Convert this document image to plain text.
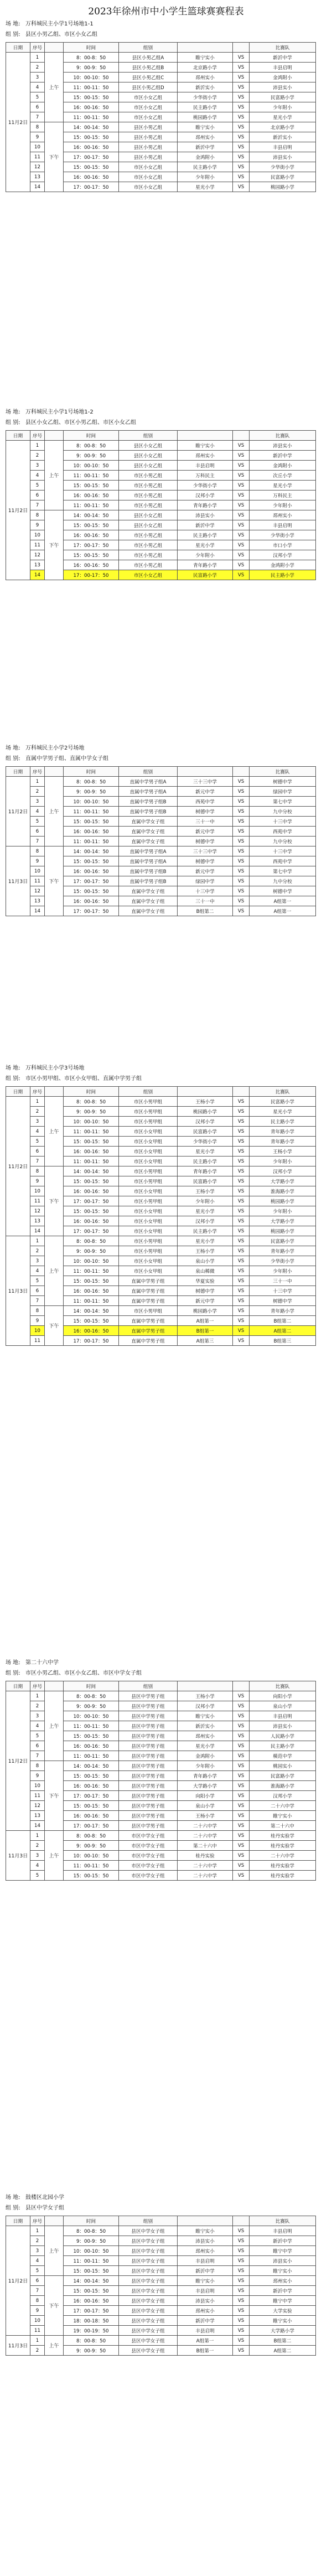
2023年徐州市中小学生篮球赛赛程表
场 地: 万科城民主小学1号场地1-1
组 别: 县区小男乙组、市区小女乙组
日期	序号		时间	组别			比赛队
11月2日	1	上午	8：00-8：50	县区小男乙组A	睢宁实小	VS	新沂中学
	2		9：00-9：50	县区小男乙组B	北京路小学	VS	丰县启明
	3		10：00-10：50	县区小男乙组C	邳州实小	VS	金鸿附小
	4		11：00-11：50	县区小男乙组D	新沂实小	VS	沛县实小
	5		15：00-15：50	市区小女乙组	少华街小学	VS	民富路小学
	6		16：00-16：50	市区小女乙组	民主路小学	VS	少年附小
	7		11：00-11：50	市区小女乙组	桃园路小学	VS	星光小学
	8	下午	14：00-14：50	县区小男乙组	睢宁实小	VS	北京路小学
	9		15：00-15：50	县区小男乙组	邳州实小	VS	新沂实小
	10		16：00-16：50	县区小男乙组	新沂中学	VS	丰县启明
	11		17：00-17：50	县区小男乙组	金鸿附小	VS	沛县实小
	12		15：00-15：50	市区小女乙组	民主路小学	VS	少华街小学
	13		16：00-16：50	市区小女乙组	少年附小	VS	民富路小学
	14		17：00-17：50	市区小女乙组	星光小学	VS	桃园路小学
场 地: 万科城民主小学1号场地1-2
组 别: 县区小女乙组、市区小男乙组、市区小女乙组
日期	序号		时间	组别			比赛队
11月2日	1	上午	8：00-8：50	县区小女乙组	睢宁实小	VS	沛县实小
	2		9：00-9：50	县区小女乙组	邳州实小	VS	新沂中学
	3		10：00-10：50	县区小女乙组	丰县启明	VS	金鸿附小
	4		11：00-11：50	市区小男乙组	万科民主	VS	次丘小学
	5		15：00-15：50	市区小男乙组	少华街小学	VS	星光小学
	6		16：00-16：50	市区小男乙组	汉邦小学	VS	万科民主
	7		11：00-11：50	市区小男乙组	青年路小学	VS	少年附小
	8	下午	14：00-14：50	县区小女乙组	沛县实小	VS	邳州实小
	9		15：00-15：50	县区小女乙组	新沂中学	VS	丰县启明
	10		16：00-16：50	市区小男乙组	民主路小学	VS	少华街小学
	11		17：00-17：50	市区小男乙组	星光小学	VS	市口小学
	12		15：00-15：50	市区小男乙组	少年附小	VS	汉邦小学
	13		16：00-16：50	市区小男乙组	青年路小学	VS	金鸿附小学
	14		17：00-17：50	市区小女乙组	民富路小学	VS	民主路小学
场 地: 万科城民主小学2号场地
组 别: 直属中学男子组、直属中学女子组
日期	序号		时间	组别			比赛队
11月2日	1	上午	8：00-8：50	直属中学男子组A	三十三中学	VS	树德中学
	2		9：00-9：50	直属中学男子组A	新元中学	VS	绿园中学
	3		10：00-10：50	直属中学男子组B	西苑中学	VS	第七中学
	4		11：00-11：50	直属中学男子组B	树德中学	VS	九中分校
	5		15：00-15：50	直属中学女子组	三十一中	VS	十三中学
	6		16：00-16：50	直属中学女子组	新元中学	VS	西苑中学
	7		11：00-11：50	直属中学女子组	树德中学	VS	九中分校
11月3日	8	下午	14：00-14：50	直属中学男子组A	三十三中学	VS	十三中学
	9		15：00-15：50	直属中学男子组A	树德中学	VS	西苑中学
	10		16：00-16：50	直属中学男子组B	新元中学	VS	第七中学
	11		17：00-17：50	直属中学男子组B	绿园中学	VS	九中分校
	12		15：00-15：50	直属中学女子组	十三中学	VS	树德中学
	13		16：00-16：50	直属中学女子组	三十一中	VS	A组第一
	14		17：00-17：50	直属中学女子组	B组第二	VS	A组第一
场 地: 万科城民主小学3号场地
组 别: 市区小男甲组、市区小女甲组、直属中学男子组
日期	序号		时间	组别			比赛队
11月2日	1	上午	8：00-8：50	市区小男甲组	王杨小学	VS	民富路小学
	2		9：00-9：50	市区小男甲组	桃园路小学	VS	星光小学
	3		10：00-10：50	市区小男甲组	汉邦小学	VS	民主路小学
	4		11：00-11：50	市区小女甲组	民富路小学	VS	青年路小学
	5		15：00-15：50	市区小女甲组	少华街小学	VS	青年路小学
	6		16：00-16：50	市区小女甲组	星光小学	VS	王杨小学
	7		11：00-11：50	市区小女甲组	民主路小学	VS	少年附小
	8	下午	14：00-14：50	市区小男甲组	青年路小学	VS	汉邦小学
	9		15：00-15：50	市区小男甲组	民富路小学	VS	大学路小学
	10		16：00-16：50	市区小女甲组	王杨小学	VS	淮海路小学
	11		17：00-17：50	市区小男甲组	少年附小	VS	桃园路小学
	12		15：00-15：50	市区小女甲组	星光小学	VS	少年附小
	13		16：00-16：50	市区小女甲组	汉邦小学	VS	大学路小学
	14		17：00-17：50	市区小女甲组	民主路小学	VS	桃园路小学
11月3日	1	上午	8：00-8：50	市区小男甲组	星光小学	VS	民富路小学
	2		9：00-9：50	市区小男甲组	王杨小学	VS	青年路小学
	3		10：00-10：50	市区小女甲组	泉山小学	VS	少华街小学
	4		11：00-11：50	市区小女甲组	泉山稀微	VS	少年附小
	5		15：00-15：50	直属中学男子组	华夏实验	VS	三十一中
	6		16：00-16：50	直属中学男子组	树德中学	VS	十三中学
	7		11：00-11：50	直属中学男子组	新元中学	VS	树德中学
	8	下午	14：00-14：50	市区小男甲组	桃园路小学	VS	青年路小学
	9		15：00-15：50	直属中学男子组	A组第一	VS	B组第二
	10		16：00-16：50	直属中学男子组	B组第一	VS	A组第二
	11		17：00-17：50	直属中学男子组	A组第三	VS	B组第三
场 地: 第二十六中学
组 别: 市区小男乙组、市区小女乙组、市区中学女子组
日期	序号		时间	组别			比赛队
11月2日	1	上午	8：00-8：50	县区中学男子组	王杨小学	VS	向阳小学
	2		9：00-9：50	县区中学男子组	汉邦小学	VS	泉山小学
	3		10：00-10：50	县区中学男子组	睢宁实小	VS	丰县启明
	4		11：00-11：50	县区中学男子组	新沂实小	VS	沛县实小
	5		15：00-15：50	县区中学男子组	邳州实小	VS	人民路小学
	6		16：00-16：50	县区中学男子组	星光小学	VS	民主路小学
	7		11：00-11：50	县区中学男子组	金鸿附小	VS	模范中学
	8	下午	14：00-14：50	县区中学男子组	少年附小	VS	桃园实小
	9		15：00-15：50	县区中学男子组	青年路小学	VS	民富路小学
	10		16：00-16：50	县区中学男子组	大学路小学	VS	淮海路小学
	11		17：00-17：50	县区中学男子组	向阳小学	VS	汉邦小学
	12		15：00-15：50	县区中学男子组	泉山小学	VS	二十六中学
	13		16：00-16：50	县区中学男子组	王杨小学	VS	睢宁实小
	14		17：00-17：50	县区中学男子组	二十六中学	VS	第二十六中
11月3日	1	上午	8：00-8：50	市区中学女子组	二十六中学	VS	桂丹实验学
	2		9：00-9：50	市区中学女子组	第二十六中	VS	桂丹实验学
	3		10：00-10：50	市区中学女子组	桂丹实验	VS	二十六中学
	4		11：00-11：50	市区中学女子组	二十六中学	VS	桂丹实验学
	5		15：00-15：50	市区中学女子组	二十六中学	VS	桂丹实验学
场 地: 鼓楼区北园小学
组 别: 县区中学女子组
日期	序号		时间	组别			比赛队
11月2日	1	上午	8：00-8：50	县区中学女子组	睢宁实小	VS	丰县启明
	2		9：00-9：50	县区中学女子组	沛县实小	VS	新沂中学
	3		10：00-10：50	县区中学女子组	邳州实小	VS	睢宁中学
	4		11：00-11：50	县区中学女子组	丰县启明	VS	沛县实小
	5		15：00-15：50	县区中学女子组	新沂中学	VS	睢宁实小
	6	下午	14：00-14：50	县区中学女子组	睢宁实小	VS	邳州实小
	7		15：00-15：50	县区中学女子组	丰县启明	VS	新沂中学
	8		16：00-16：50	县区中学女子组	沛县实小	VS	睢宁中学
	9		17：00-17：50	县区中学女子组	邳州实小	VS	大学实验
	10		18：00-18：50	县区中学女子组	新沂中学	VS	睢宁实小
	11		19：00-19：50	县区中学女子组	丰县启明	VS	大学路小学
11月3日	1	上午	8：00-8：50	县区中学女子组	A组第一	VS	B组第二
	2		9：00-9：50	县区中学女子组	B组第一	VS	A组第二
